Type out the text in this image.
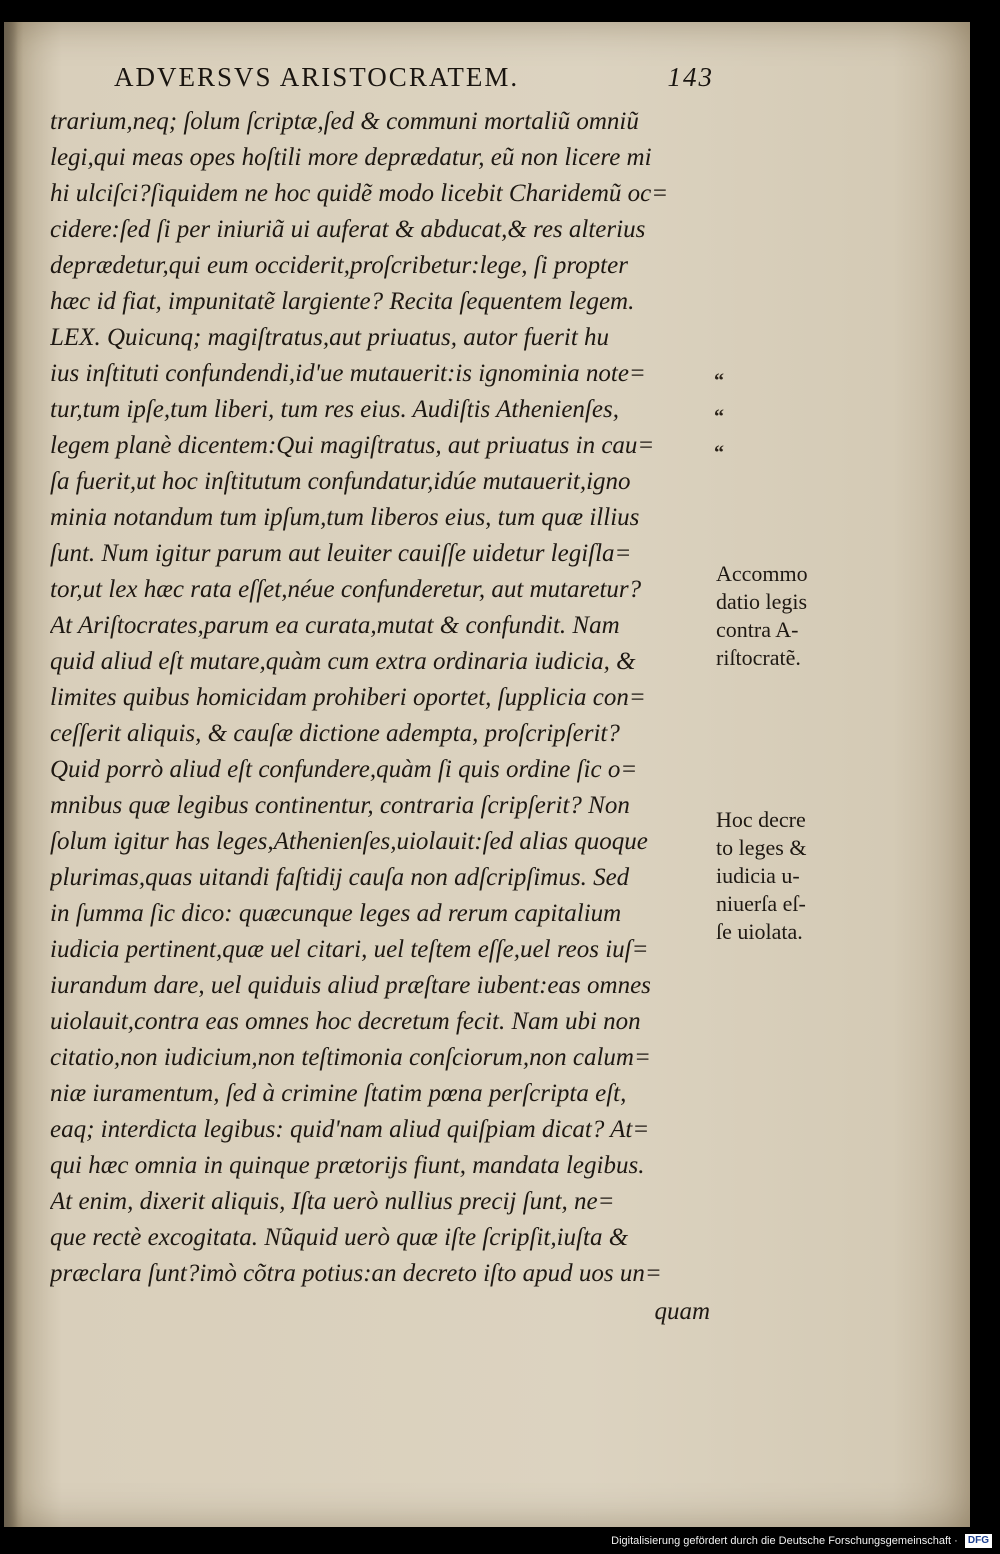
ADVERSVS ARISTOCRATEM.	143
trarium,neq; ſolum ſcriptæ,ſed & communi mortaliũ omniũ
legi,qui meas opes hoſtili more deprædatur, eũ non licere mi
hi ulciſci?ſiquidem ne hoc quidẽ modo licebit Charidemũ oc=
cidere:ſed ſi per iniuriã ui auferat & abducat,& res alterius
deprædetur,qui eum occiderit,proſcribetur:lege, ſi propter
hæc id fiat, impunitatẽ largiente? Recita ſequentem legem.
LEX. Quicunq; magiſtratus,aut priuatus, autor fuerit hu
ius inſtituti confundendi,id'ue mutauerit:is ignominia note=
tur,tum ipſe,tum liberi, tum res eius. Audiſtis Athenienſes,
legem planè dicentem:Qui magiſtratus, aut priuatus in cau=
ſa fuerit,ut hoc inſtitutum confundatur,idúe mutauerit,igno
minia notandum tum ipſum,tum liberos eius, tum quæ illius
ſunt. Num igitur parum aut leuiter cauiſſe uidetur legiſla=
tor,ut lex hæc rata eſſet,néue confunderetur, aut mutaretur?
At Ariſtocrates,parum ea curata,mutat & confundit. Nam
quid aliud eſt mutare,quàm cum extra ordinaria iudicia, &
limites quibus homicidam prohiberi oportet, ſupplicia con=
ceſſerit aliquis, & cauſæ dictione adempta, proſcripſerit?
Quid porrò aliud eſt confundere,quàm ſi quis ordine ſic o=
mnibus quæ legibus continentur, contraria ſcripſerit? Non
ſolum igitur has leges,Athenienſes,uiolauit:ſed alias quoque
plurimas,quas uitandi faſtidij cauſa non adſcripſimus. Sed
in ſumma ſic dico: quæcunque leges ad rerum capitalium
iudicia pertinent,quæ uel citari, uel teſtem eſſe,uel reos iuſ=
iurandum dare, uel quiduis aliud præſtare iubent:eas omnes
uiolauit,contra eas omnes hoc decretum fecit. Nam ubi non
citatio,non iudicium,non teſtimonia conſciorum,non calum=
niæ iuramentum, ſed à crimine ſtatim pœna perſcripta eſt,
eaq; interdicta legibus: quid'nam aliud quiſpiam dicat? At=
qui hæc omnia in quinque prætorijs fiunt, mandata legibus.
At enim, dixerit aliquis, Iſta uerò nullius precij ſunt, ne=
que rectè excogitata. Nũquid uerò quæ iſte ſcripſit,iuſta &
præclara ſunt?imò cõtra potius:an decreto iſto apud uos un=
quam
“
“
“
Accommo
datio legis
contra A-
riſtocratẽ.
Hoc decre
to leges &
iudicia u-
niuerſa eſ-
ſe uiolata.
Digitalisierung gefördert durch die Deutsche Forschungsgemeinschaft · DFG
